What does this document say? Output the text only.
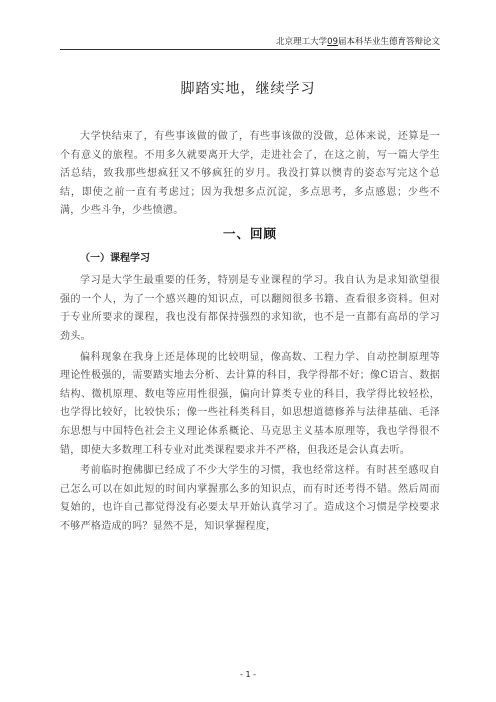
北京理工大学09届本科毕业生德育答辩论文
脚踏实地，继续学习

大学快结束了，有些事该做的做了，有些事该做的没做，总体来说，还算是一个有意义的旅程。不用多久就要离开大学，走进社会了，在这之前，写一篇大学生活总结，致我那些想疯狂又不够疯狂的岁月。我没打算以懊青的姿态写完这个总结，即使之前一直有考虑过；因为我想多点沉淀，多点思考，多点感恩；少些不满，少些斗争，少些愤懑。

一、回顾
（一）课程学习

学习是大学生最重要的任务，特别是专业课程的学习。我自认为是求知欲望很强的一个人，为了一个感兴趣的知识点，可以翻阅很多书籍、查看很多资料。但对于专业所要求的课程，我也没有都保持强烈的求知欲，也不是一直都有高昂的学习劲头。

偏科现象在我身上还是体现的比较明显，像高数、工程力学、自动控制原理等理论性极强的，需要踏实地去分析、去计算的科目，我学得都不好；像C语言、数据结构、微机原理、数电等应用性很强，偏向计算类专业的科目，我学得比较轻松，也学得比较好，比较快乐；像一些社科类科目，如思想道德修养与法律基础、毛泽东思想与中国特色社会主义理论体系概论、马克思主义基本原理等，我也学得很不错，即使大多数理工科专业对此类课程要求并不严格，但我还是会认真去听。

考前临时抱佛脚已经成了不少大学生的习惯，我也经常这样。有时甚至感叹自己怎么可以在如此短的时间内掌握那么多的知识点，而有时还考得不错。然后周而复始的，也许自己都觉得没有必要太早开始认真学习了。造成这个习惯是学校要求不够严格造成的吗？显然不是，知识掌握程度，

- 1 -
